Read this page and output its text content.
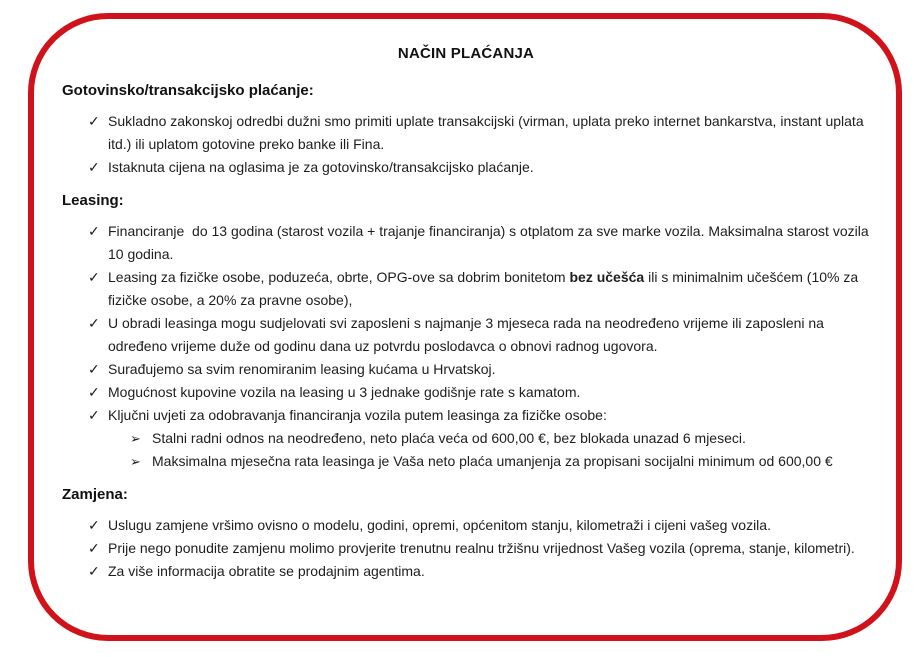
NAČIN PLAĆANJA
Gotovinsko/transakcijsko plaćanje:
✓ Sukladno zakonskoj odredbi dužni smo primiti uplate transakcijski (virman, uplata preko internet bankarstva, instant uplata itd.) ili uplatom gotovine preko banke ili Fina.
✓ Istaknuta cijena na oglasima je za gotovinsko/transakcijsko plaćanje.
Leasing:
✓ Financiranje  do 13 godina (starost vozila + trajanje financiranja) s otplatom za sve marke vozila. Maksimalna starost vozila 10 godina.
✓ Leasing za fizičke osobe, poduzeća, obrte, OPG-ove sa dobrim bonitetom bez učešća ili s minimalnim učešćem (10% za fizičke osobe, a 20% za pravne osobe),
✓ U obradi leasinga mogu sudjelovati svi zaposleni s najmanje 3 mjeseca rada na neodređeno vrijeme ili zaposleni na određeno vrijeme duže od godinu dana uz potvrdu poslodavca o obnovi radnog ugovora.
✓ Surađujemo sa svim renomiranim leasing kućama u Hrvatskoj.
✓ Mogućnost kupovine vozila na leasing u 3 jednake godišnje rate s kamatom.
✓ Ključni uvjeti za odobravanja financiranja vozila putem leasinga za fizičke osobe:
➢ Stalni radni odnos na neodređeno, neto plaća veća od 600,00 €, bez blokada unazad 6 mjeseci.
➢ Maksimalna mjesečna rata leasinga je Vaša neto plaća umanjenja za propisani socijalni minimum od 600,00 €
Zamjena:
✓ Uslugu zamjene vršimo ovisno o modelu, godini, opremi, općenitom stanju, kilometraži i cijeni vašeg vozila.
✓ Prije nego ponudite zamjenu molimo provjerite trenutnu realnu tržišnu vrijednost Vašeg vozila (oprema, stanje, kilometri).
✓ Za više informacija obratite se prodajnim agentima.
